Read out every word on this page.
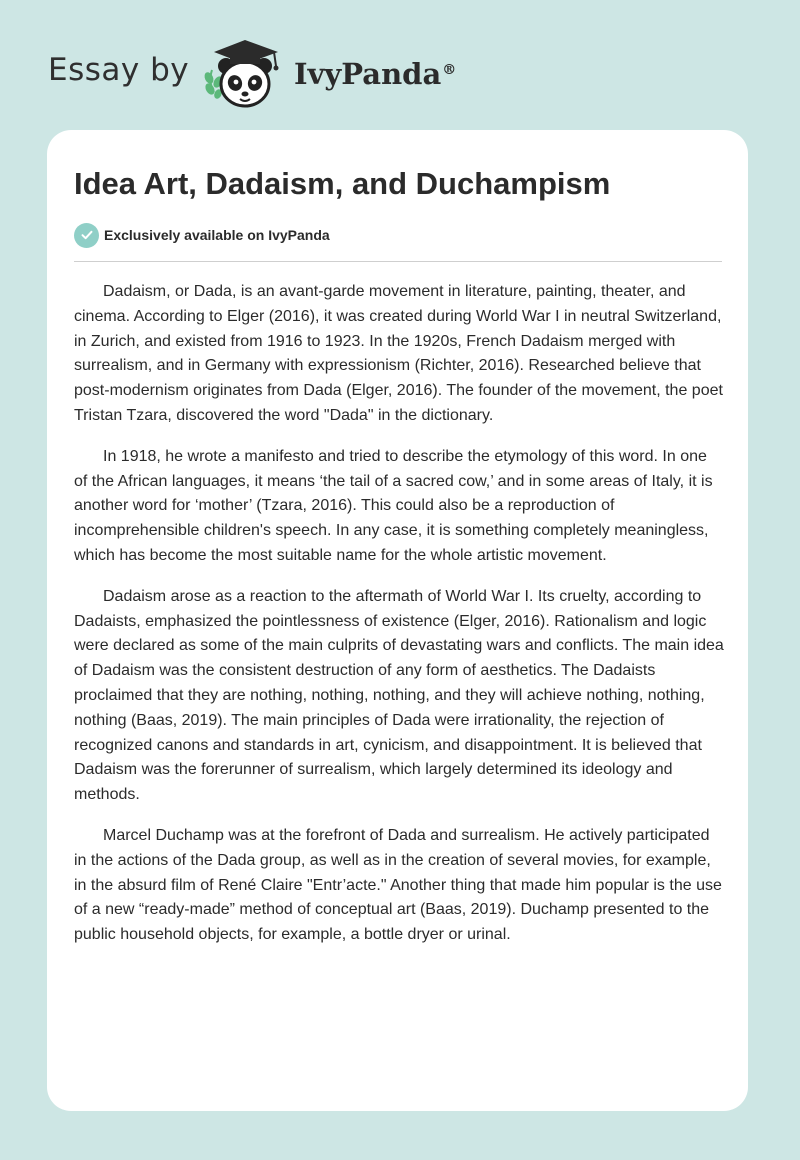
Essay by	IvyPanda®
Idea Art, Dadaism, and Duchampism
Exclusively available on IvyPanda

Dadaism, or Dada, is an avant-garde movement in literature, painting, theater, and cinema. According to Elger (2016), it was created during World War I in neutral Switzerland, in Zurich, and existed from 1916 to 1923. In the 1920s, French Dadaism merged with surrealism, and in Germany with expressionism (Richter, 2016). Researched believe that post-modernism originates from Dada (Elger, 2016). The founder of the movement, the poet Tristan Tzara, discovered the word "Dada" in the dictionary.

In 1918, he wrote a manifesto and tried to describe the etymology of this word. In one of the African languages, it means ‘the tail of a sacred cow,’ and in some areas of Italy, it is another word for ‘mother’ (Tzara, 2016). This could also be a reproduction of incomprehensible children's speech. In any case, it is something completely meaningless, which has become the most suitable name for the whole artistic movement.

Dadaism arose as a reaction to the aftermath of World War I. Its cruelty, according to Dadaists, emphasized the pointlessness of existence (Elger, 2016). Rationalism and logic were declared as some of the main culprits of devastating wars and conflicts. The main idea of Dadaism was the consistent destruction of any form of aesthetics. The Dadaists proclaimed that they are nothing, nothing, nothing, and they will achieve nothing, nothing, nothing (Baas, 2019). The main principles of Dada were irrationality, the rejection of recognized canons and standards in art, cynicism, and disappointment. It is believed that Dadaism was the forerunner of surrealism, which largely determined its ideology and methods.

Marcel Duchamp was at the forefront of Dada and surrealism. He actively participated in the actions of the Dada group, as well as in the creation of several movies, for example, in the absurd film of René Claire "Entr’acte." Another thing that made him popular is the use of a new “ready-made” method of conceptual art (Baas, 2019). Duchamp presented to the public household objects, for example, a bottle dryer or urinal.
